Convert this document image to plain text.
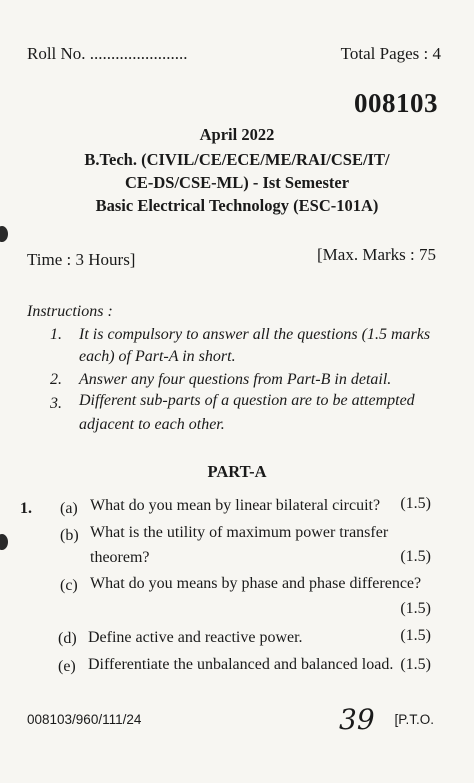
Roll No. .......................	Total Pages : 4
008103
April 2022
B.Tech. (CIVIL/CE/ECE/ME/RAI/CSE/IT/
CE-DS/CSE-ML) - Ist Semester
Basic Electrical Technology (ESC-101A)
Time : 3 Hours]	[Max. Marks : 75
Instructions :
1. It is compulsory to answer all the questions (1.5 marks
each) of Part-A in short.
2. Answer any four questions from Part-B in detail.
3. Different sub-parts of a question are to be attempted
adjacent to each other.
PART-A
1. (a) What do you mean by linear bilateral circuit? (1.5)
(b) What is the utility of maximum power transfer
theorem?	(1.5)
(c) What do you means by phase and phase difference?
(1.5)
(d) Define active and reactive power.	(1.5)
(e) Differentiate the unbalanced and balanced load. (1.5)
008103/960/111/24	39 [P.T.O.
